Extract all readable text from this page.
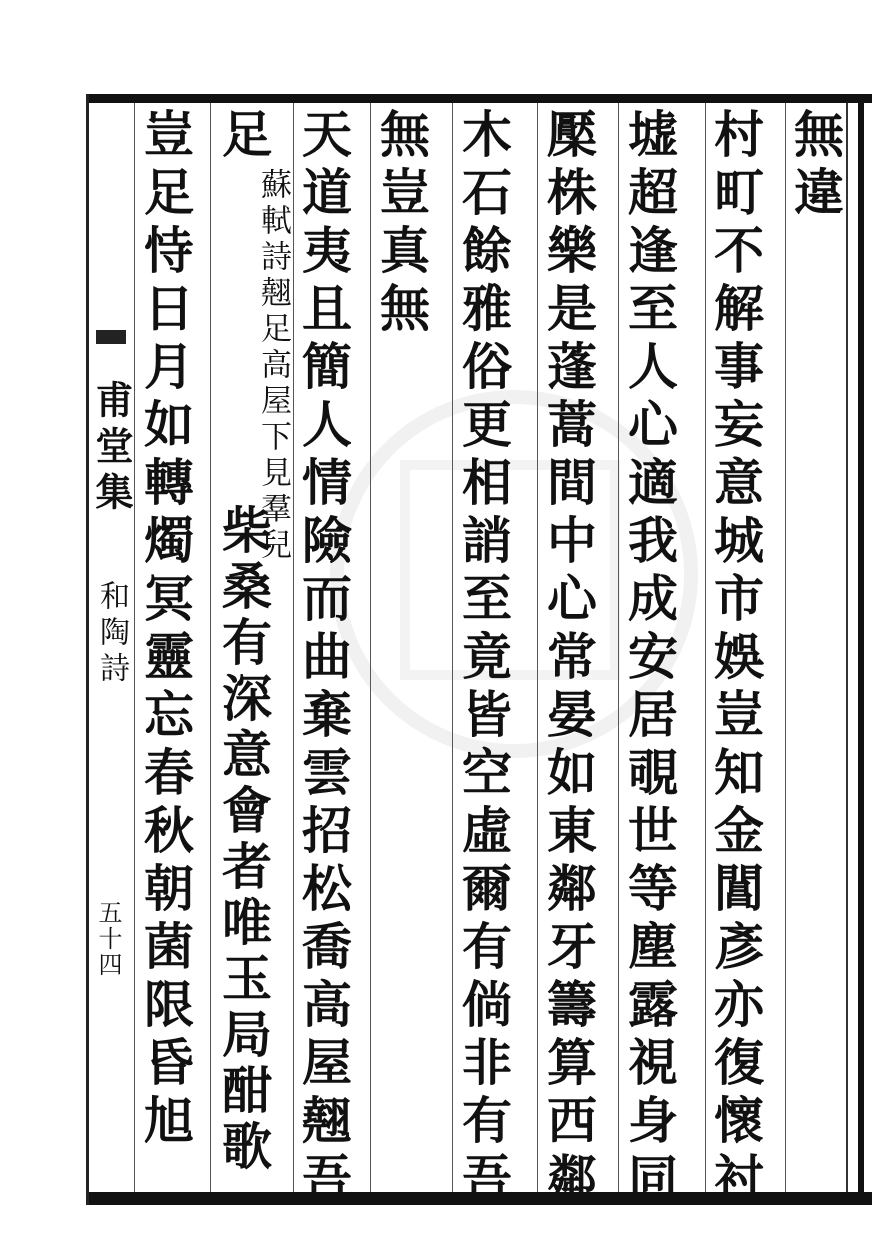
無違
村町不解事妄意城市娛豈知金閶彥亦復懷衬
墟超逢至人心適我成安居覗世等塵露視身同
檿株樂是蓬蒿間中心常晏如東鄰牙籌算西鄰
木石餘雅俗更相誚至竟皆空虛爾有倘非有吾
無豈真無
天道夷且簡人情險而曲棄雲招松喬高屋翹吾
足
蘇軾詩翹足高屋下見羣兒
柴桑有深意會者唯玉局酣歌
豈足恃日月如轉燭冥靈忘春秋朝菌限昏旭
甫堂集
和陶詩
五十四
